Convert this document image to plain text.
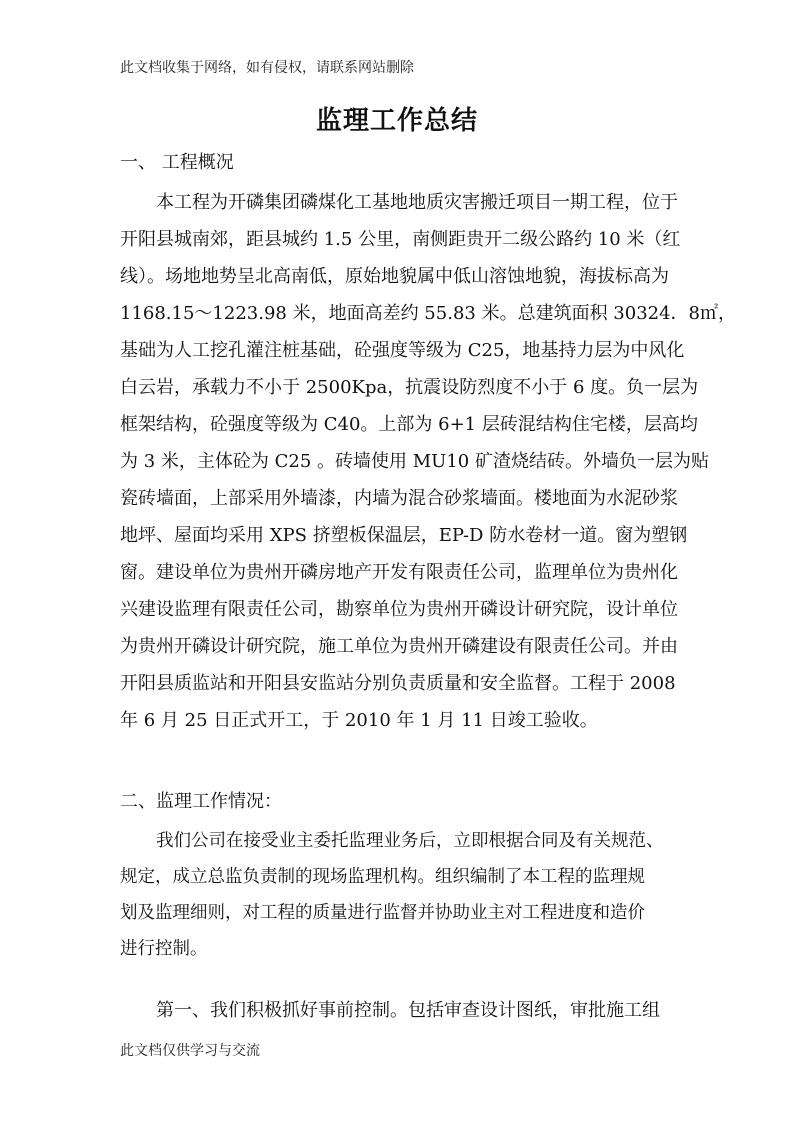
此文档收集于网络，如有侵权，请联系网站删除
监理工作总结
一、 工程概况
本工程为开磷集团磷煤化工基地地质灾害搬迁项目一期工程，位于
开阳县城南郊，距县城约 1.5 公里，南侧距贵开二级公路约 10 米（红
线）。场地地势呈北高南低，原始地貌属中低山溶蚀地貌，海拔标高为
1168.15～1223.98 米，地面高差约 55.83 米。总建筑面积 30324．8㎡，
基础为人工挖孔灌注桩基础，砼强度等级为 C25，地基持力层为中风化
白云岩，承载力不小于 2500Kpa，抗震设防烈度不小于 6 度。负一层为
框架结构，砼强度等级为 C40。上部为 6+1 层砖混结构住宅楼，层高均
为 3 米，主体砼为 C25 。砖墙使用 MU10 矿渣烧结砖。外墙负一层为贴
瓷砖墙面，上部采用外墙漆，内墙为混合砂浆墙面。楼地面为水泥砂浆
地坪、屋面均采用 XPS 挤塑板保温层，EP-D 防水卷材一道。窗为塑钢
窗。建设单位为贵州开磷房地产开发有限责任公司，监理单位为贵州化
兴建设监理有限责任公司，勘察单位为贵州开磷设计研究院，设计单位
为贵州开磷设计研究院，施工单位为贵州开磷建设有限责任公司。并由
开阳县质监站和开阳县安监站分别负责质量和安全监督。工程于 2008
年 6 月 25 日正式开工，于 2010 年 1 月 11 日竣工验收。
二、监理工作情况：
我们公司在接受业主委托监理业务后，立即根据合同及有关规范、
规定，成立总监负责制的现场监理机构。组织编制了本工程的监理规
划及监理细则，对工程的质量进行监督并协助业主对工程进度和造价
进行控制。
第一、我们积极抓好事前控制。包括审查设计图纸，审批施工组
此文档仅供学习与交流
